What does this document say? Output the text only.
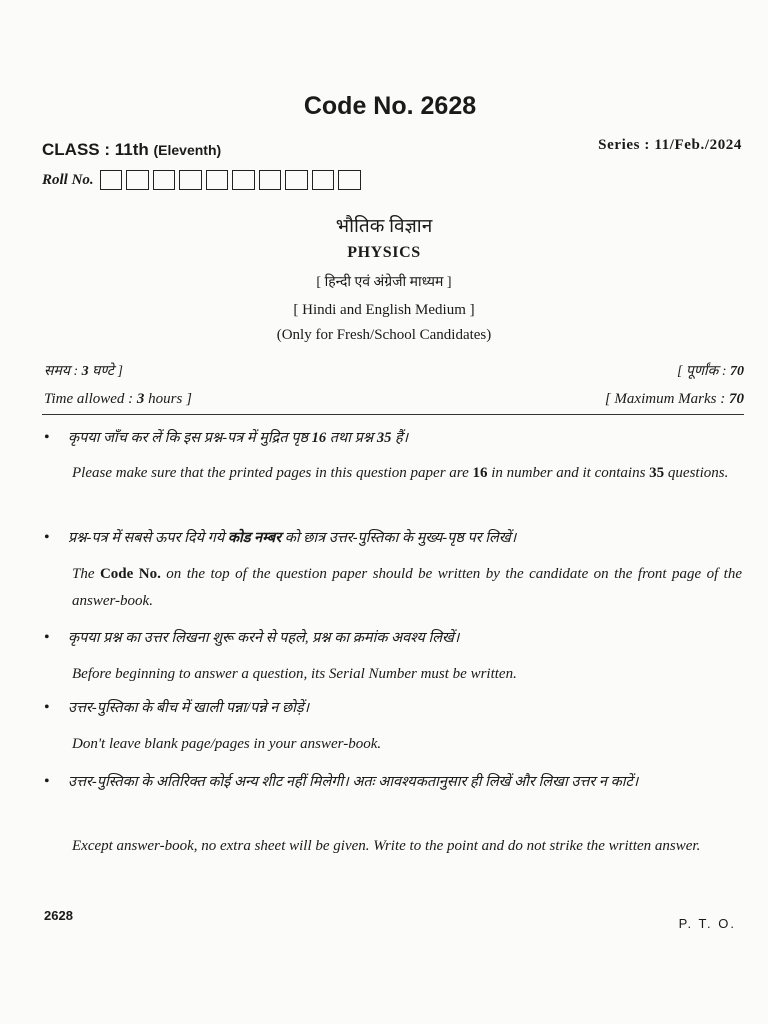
Code No. 2628
CLASS : 11th (Eleventh)	Series : 11/Feb./2024
Roll No.
भौतिक विज्ञान
PHYSICS
[ हिन्दी एवं अंग्रेजी माध्यम ]
[ Hindi and English Medium ]
(Only for Fresh/School Candidates)
समय : 3 घण्टे ]	[ पूर्णांक : 70
Time allowed : 3 hours ]	[ Maximum Marks : 70
•	कृपया जाँच कर लें कि इस प्रश्न-पत्र में मुद्रित पृष्ठ 16 तथा प्रश्न 35 हैं।
Please make sure that the printed pages in this question paper are 16 in number and it contains 35 questions.
•	प्रश्न-पत्र में सबसे ऊपर दिये गये कोड नम्बर को छात्र उत्तर-पुस्तिका के मुख्य-पृष्ठ पर लिखें।
The Code No. on the top of the question paper should be written by the candidate on the front page of the answer-book.
•	कृपया प्रश्न का उत्तर लिखना शुरू करने से पहले, प्रश्न का क्रमांक अवश्य लिखें।
Before beginning to answer a question, its Serial Number must be written.
•	उत्तर-पुस्तिका के बीच में खाली पन्ना/पन्ने न छोड़ें।
Don't leave blank page/pages in your answer-book.
•	उत्तर-पुस्तिका के अतिरिक्त कोई अन्य शीट नहीं मिलेगी। अतः आवश्यकतानुसार ही लिखें और लिखा उत्तर न काटें।
Except answer-book, no extra sheet will be given. Write to the point and do not strike the written answer.
2628
P. T. O.
